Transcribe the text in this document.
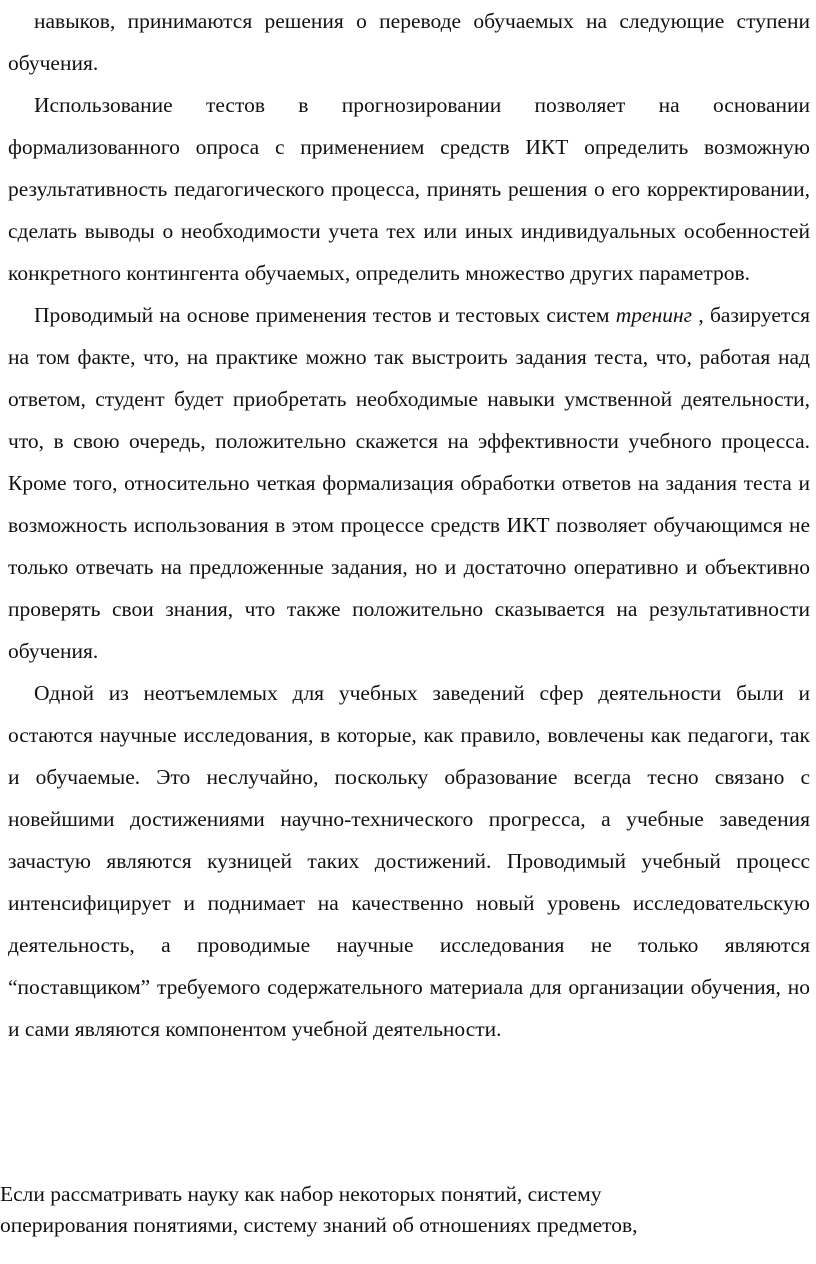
навыков, принимаются решения о переводе обучаемых на следующие ступени обучения.

Использование тестов в прогнозировании позволяет на основании формализованного опроса с применением средств ИКТ определить возможную результативность педагогического процесса, принять решения о его корректировании, сделать выводы о необходимости учета тех или иных индивидуальных особенностей конкретного контингента обучаемых, определить множество других параметров.

Проводимый на основе применения тестов и тестовых систем тренинг , базируется на том факте, что, на практике можно так выстроить задания теста, что, работая над ответом, студент будет приобретать необходимые навыки умственной деятельности, что, в свою очередь, положительно скажется на эффективности учебного процесса. Кроме того, относительно четкая формализация обработки ответов на задания теста и возможность использования в этом процессе средств ИКТ позволяет обучающимся не только отвечать на предложенные задания, но и достаточно оперативно и объективно проверять свои знания, что также положительно сказывается на результативности обучения.

Одной из неотъемлемых для учебных заведений сфер деятельности были и остаются научные исследования, в которые, как правило, вовлечены как педагоги, так и обучаемые. Это неслучайно, поскольку образование всегда тесно связано с новейшими достижениями научно-технического прогресса, а учебные заведения зачастую являются кузницей таких достижений. Проводимый учебный процесс интенсифицирует и поднимает на качественно новый уровень исследовательскую деятельность, а проводимые научные исследования не только являются “поставщиком” требуемого содержательного материала для организации обучения, но и сами являются компонентом учебной деятельности.

Если рассматривать науку как набор некоторых понятий, систему

оперирования понятиями, систему знаний об отношениях предметов,
